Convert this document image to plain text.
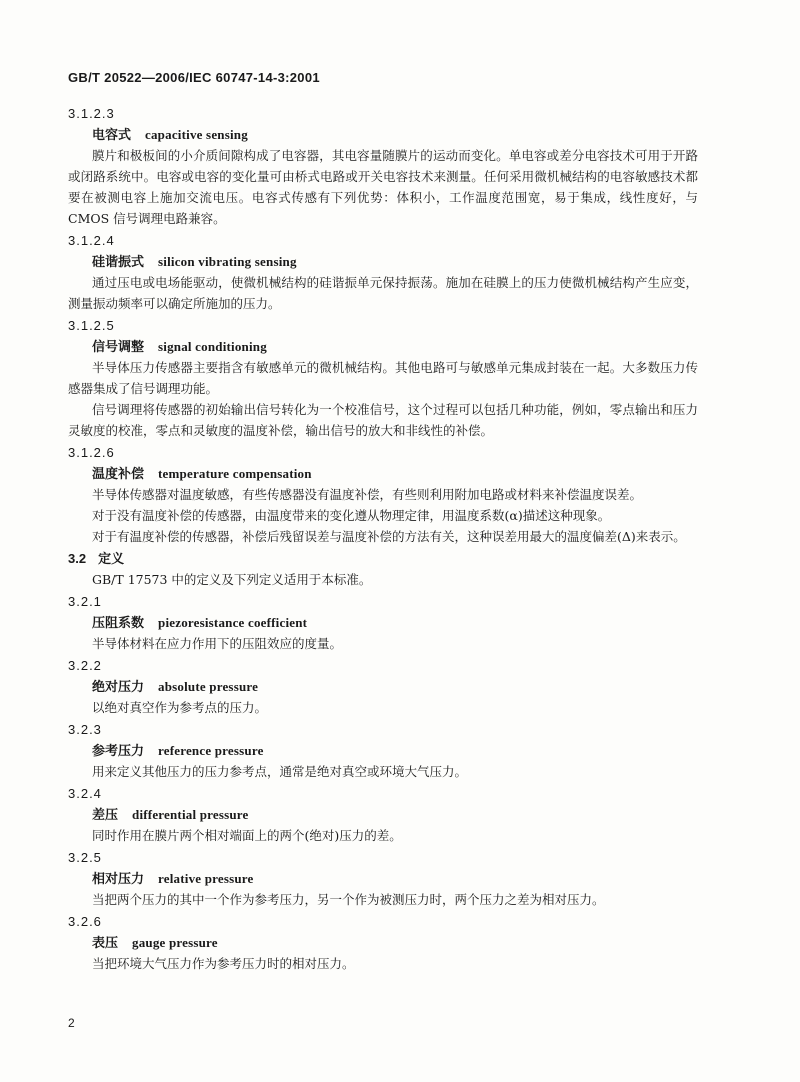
GB/T 20522—2006/IEC 60747-14-3:2001
3.1.2.3
电容式 capacitive sensing

膜片和极板间的小介质间隙构成了电容器，其电容量随膜片的运动而变化。单电容或差分电容技术可用于开路或闭路系统中。电容或电容的变化量可由桥式电路或开关电容技术来测量。任何采用微机械结构的电容敏感技术都要在被测电容上施加交流电压。电容式传感有下列优势：体积小，工作温度范围宽，易于集成，线性度好，与 CMOS 信号调理电路兼容。

3.1.2.4
硅谐振式 silicon vibrating sensing

通过压电或电场能驱动，使微机械结构的硅谐振单元保持振荡。施加在硅膜上的压力使微机械结构产生应变，测量振动频率可以确定所施加的压力。

3.1.2.5
信号调整 signal conditioning

半导体压力传感器主要指含有敏感单元的微机械结构。其他电路可与敏感单元集成封装在一起。大多数压力传感器集成了信号调理功能。

信号调理将传感器的初始输出信号转化为一个校准信号，这个过程可以包括几种功能，例如，零点输出和压力灵敏度的校准，零点和灵敏度的温度补偿，输出信号的放大和非线性的补偿。

3.1.2.6
温度补偿 temperature compensation

半导体传感器对温度敏感，有些传感器没有温度补偿，有些则利用附加电路或材料来补偿温度误差。

对于没有温度补偿的传感器，由温度带来的变化遵从物理定律，用温度系数(α)描述这种现象。

对于有温度补偿的传感器，补偿后残留误差与温度补偿的方法有关，这种误差用最大的温度偏差(Δ)来表示。

3.2 定义

GB/T 17573 中的定义及下列定义适用于本标准。

3.2.1
压阻系数 piezoresistance coefficient

半导体材料在应力作用下的压阻效应的度量。

3.2.2
绝对压力 absolute pressure

以绝对真空作为参考点的压力。

3.2.3
参考压力 reference pressure

用来定义其他压力的压力参考点，通常是绝对真空或环境大气压力。

3.2.4
差压 differential pressure

同时作用在膜片两个相对端面上的两个(绝对)压力的差。

3.2.5
相对压力 relative pressure

当把两个压力的其中一个作为参考压力，另一个作为被测压力时，两个压力之差为相对压力。

3.2.6
表压 gauge pressure

当把环境大气压力作为参考压力时的相对压力。

2
